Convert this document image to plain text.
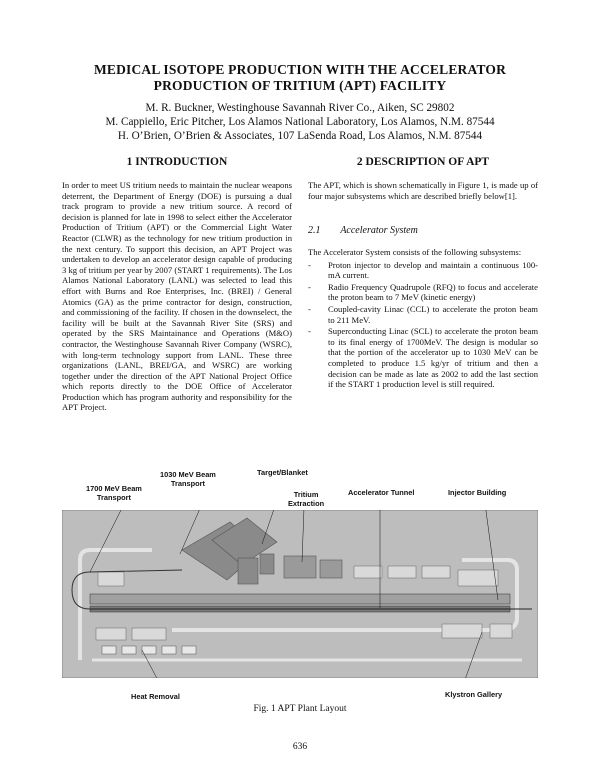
MEDICAL ISOTOPE PRODUCTION WITH THE ACCELERATOR
PRODUCTION OF TRITIUM (APT) FACILITY
M. R. Buckner, Westinghouse Savannah River Co., Aiken, SC 29802
M. Cappiello, Eric Pitcher, Los Alamos National Laboratory, Los Alamos, N.M. 87544
H. O’Brien, O’Brien & Associates, 107 LaSenda Road, Los Alamos, N.M. 87544
1 INTRODUCTION	2 DESCRIPTION OF APT

In order to meet US tritium needs to maintain the nuclear weapons deterrent, the Department of Energy (DOE) is pursuing a dual track program to provide a new tritium source. A record of decision is planned for late in 1998 to select either the Accelerator Production of Tritium (APT) or the Commercial Light Water Reactor (CLWR) as the technology for new tritium production in the next century. To support this decision, an APT Project was undertaken to develop an accelerator design capable of producing 3 kg of tritium per year by 2007 (START 1 requirements). The Los Alamos National Laboratory (LANL) was selected to lead this effort with Burns and Roe Enterprises, Inc. (BREI) / General Atomics (GA) as the prime contractor for design, construction, and commissioning of the facility. If chosen in the downselect, the facility will be built at the Savannah River Site (SRS) and operated by the SRS Maintainance and Operations (M&O) contractor, the Westinghouse Savannah River Company (WSRC), with long-term technology support from LANL. These three organizations (LANL, BREI/GA, and WSRC) are working together under the direction of the APT National Project Office which reports directly to the DOE Office of Accelerator Production which has program authority and responsibility for the APT Project.

The APT, which is shown schematically in Figure 1, is made up of four major subsystems which are described briefly below[1].

2.1        Accelerator System

The Accelerator System consists of the following subsystems:

- Proton injector to develop and maintain a continuous 100-mA current.
- Radio Frequency Quadrupole (RFQ) to focus and accelerate the proton beam to 7 MeV (kinetic energy)
- Coupled-cavity Linac (CCL) to accelerate the proton beam to 211 MeV.
- Superconducting Linac (SCL) to accelerate the proton beam to its final energy of 1700MeV. The design is modular so that the portion of the accelerator up to 1030 MeV can be completed to produce 1.5 kg/yr of tritium and then a decision can be made as late as 2002 to add the last section if the START 1 production level is still required.
1030 MeV Beam
Transport
Target/Blanket
1700 MeV Beam
Transport	Tritium
Extraction
Accelerator Tunnel	Injector Building
Heat Removal	Klystron Gallery
Fig. 1 APT Plant Layout
636
